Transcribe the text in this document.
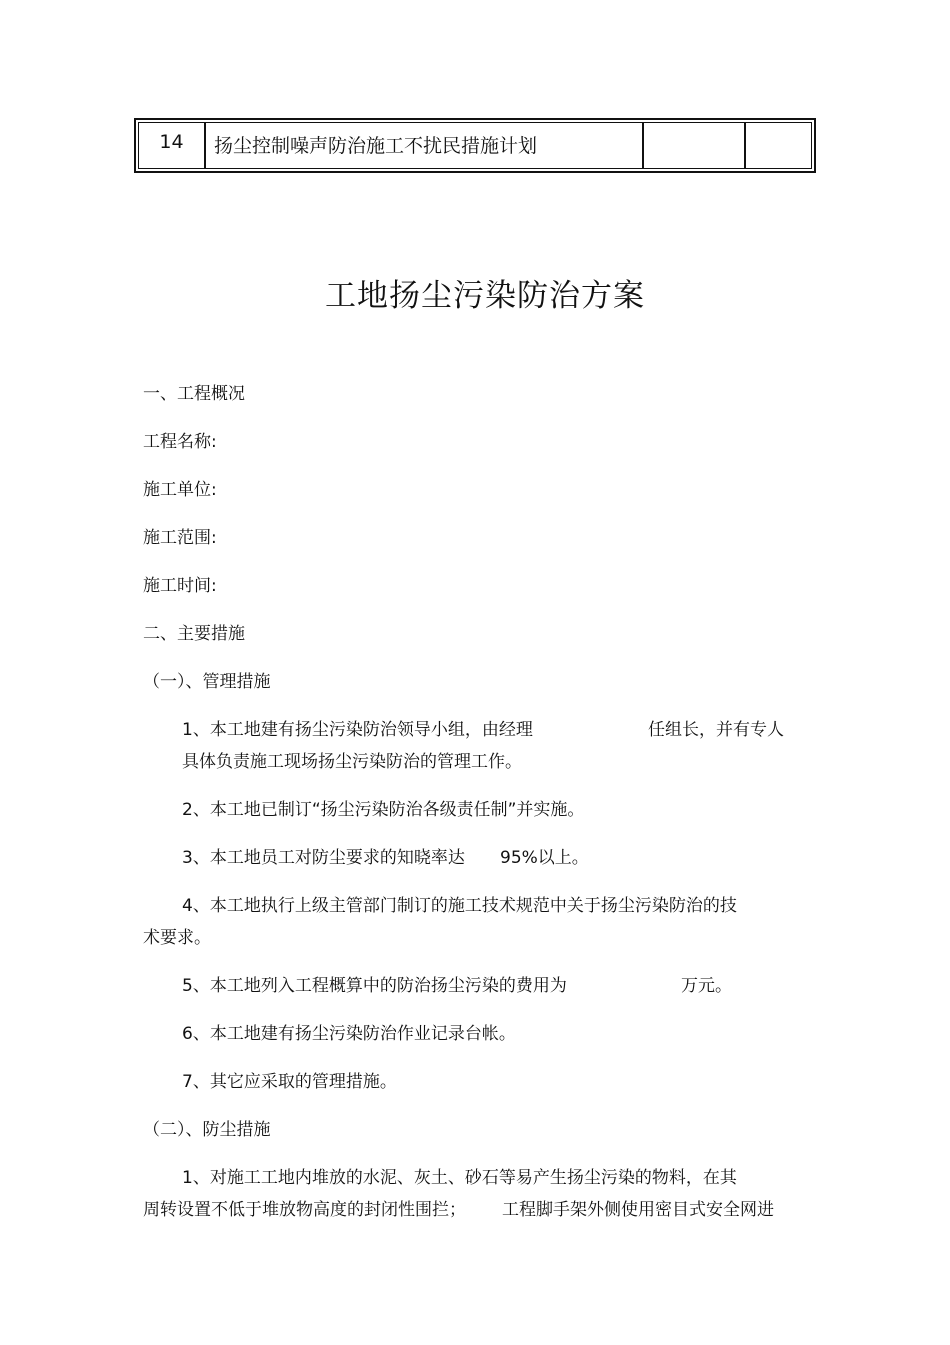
14	扬尘控制噪声防治施工不扰民措施计划
工地扬尘污染防治方案
一、工程概况
工程名称:
施工单位:
施工范围:
施工时间:
二、主要措施
（一）、管理措施
1、本工地建有扬尘污染防治领导小组，由经理	任组长，并有专人
具体负责施工现场扬尘污染防治的管理工作。
2、本工地已制订“扬尘污染防治各级责任制”并实施。
3、本工地员工对防尘要求的知晓率达 95%以上。
4、本工地执行上级主管部门制订的施工技术规范中关于扬尘污染防治的技
术要求。
5、本工地列入工程概算中的防治扬尘污染的费用为	万元。
6、本工地建有扬尘污染防治作业记录台帐。
7、其它应采取的管理措施。
（二）、防尘措施
1、对施工工地内堆放的水泥、灰土、砂石等易产生扬尘污染的物料，在其
周转设置不低于堆放物高度的封闭性围拦； 工程脚手架外侧使用密目式安全网进
